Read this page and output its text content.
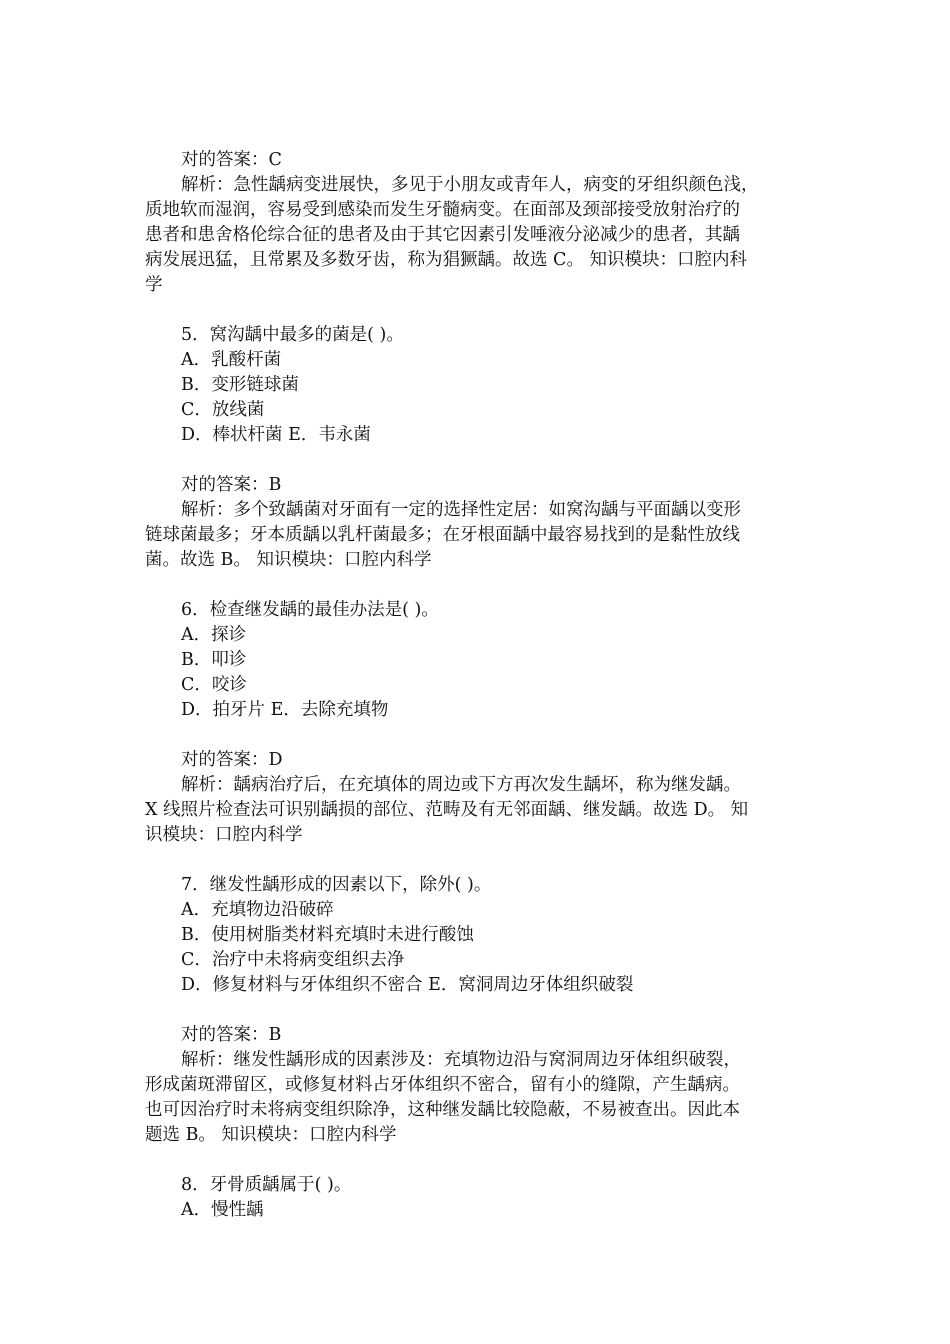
对的答案：C
解析：急性龋病变进展快，多见于小朋友或青年人，病变的牙组织颜色浅，
质地软而湿润，容易受到感染而发生牙髓病变。在面部及颈部接受放射治疗的
患者和患舍格伦综合征的患者及由于其它因素引发唾液分泌减少的患者，其龋
病发展迅猛，且常累及多数牙齿，称为猖獗龋。故选 C。 知识模块：口腔内科
学
5．窝沟龋中最多的菌是( )。
A．乳酸杆菌
B．变形链球菌
C．放线菌
D．棒状杆菌 E．韦永菌
对的答案：B
解析：多个致龋菌对牙面有一定的选择性定居：如窝沟龋与平面龋以变形
链球菌最多；牙本质龋以乳杆菌最多；在牙根面龋中最容易找到的是黏性放线
菌。故选 B。 知识模块：口腔内科学
6．检查继发龋的最佳办法是( )。
A．探诊
B．叩诊
C．咬诊
D．拍牙片 E．去除充填物
对的答案：D
解析：龋病治疗后，在充填体的周边或下方再次发生龋坏，称为继发龋。
X 线照片检查法可识别龋损的部位、范畴及有无邻面龋、继发龋。故选 D。 知
识模块：口腔内科学
7．继发性龋形成的因素以下，除外( )。
A．充填物边沿破碎
B．使用树脂类材料充填时未进行酸蚀
C．治疗中未将病变组织去净
D．修复材料与牙体组织不密合 E．窝洞周边牙体组织破裂
对的答案：B
解析：继发性龋形成的因素涉及：充填物边沿与窝洞周边牙体组织破裂，
形成菌斑滞留区，或修复材料占牙体组织不密合，留有小的缝隙，产生龋病。
也可因治疗时未将病变组织除净，这种继发龋比较隐蔽，不易被查出。因此本
题选 B。 知识模块：口腔内科学
8．牙骨质龋属于( )。
A．慢性龋
